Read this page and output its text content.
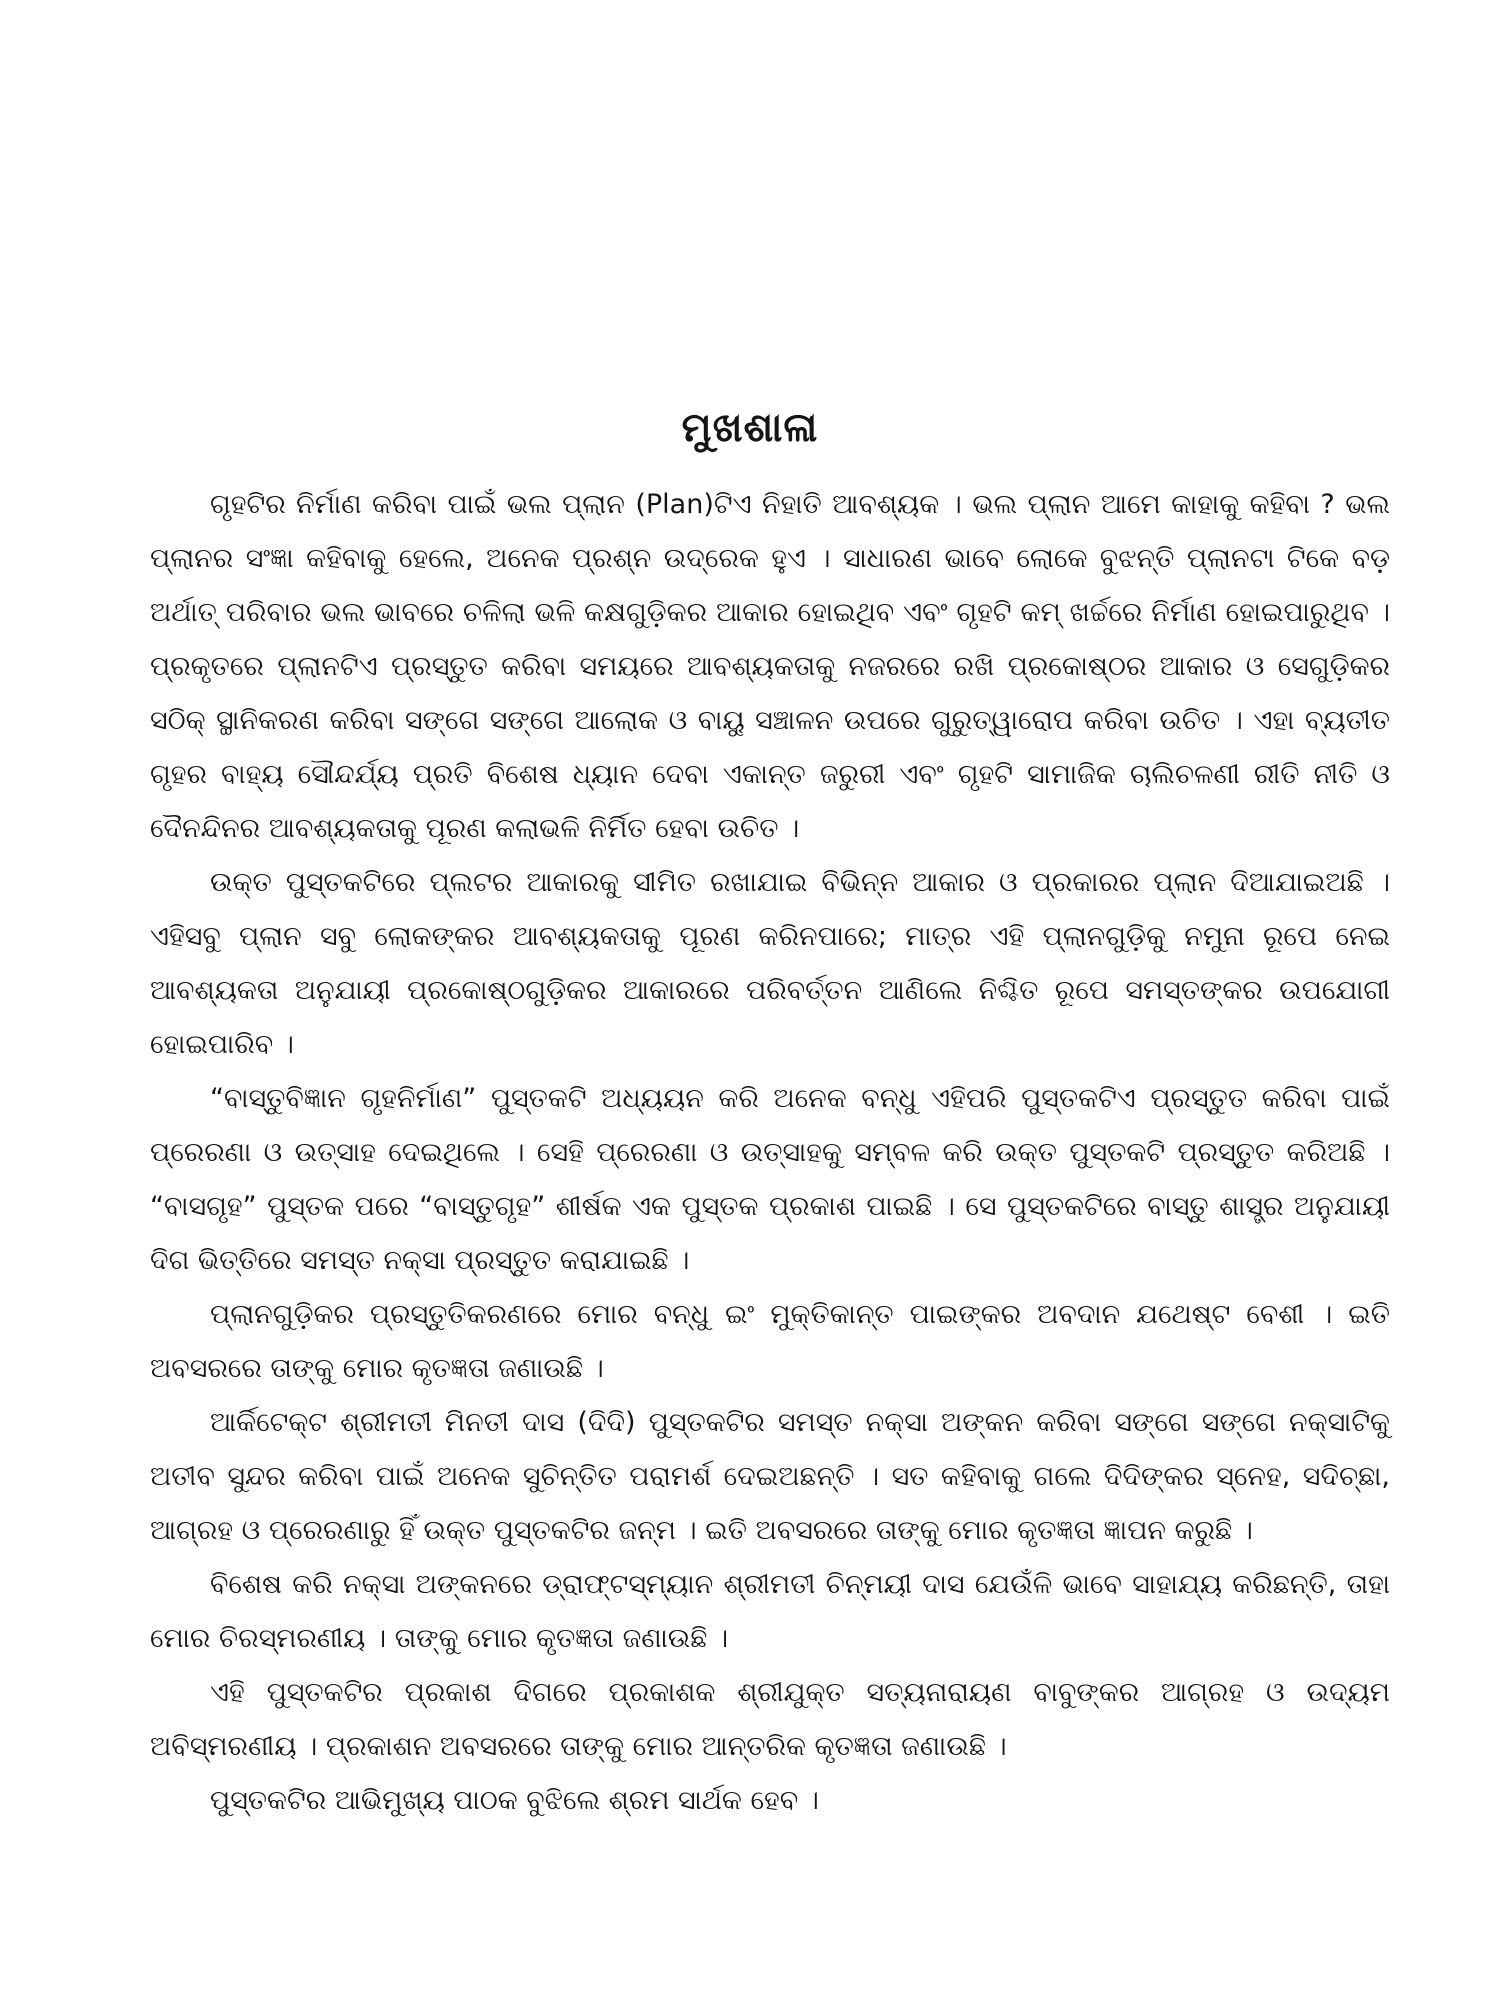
ମୁଖଶାଳା

ଗୃହଟିର ନିର୍ମାଣ କରିବା ପାଇଁ ଭଲ ପ୍ଲାନ (Plan)ଟିଏ ନିହାତି ଆବଶ୍ୟକ । ଭଲ ପ୍ଲାନ ଆମେ କାହାକୁ କହିବା ? ଭଲ ପ୍ଲାନର ସଂଜ୍ଞା କହିବାକୁ ହେଲେ, ଅନେକ ପ୍ରଶ୍ନ ଉଦ୍ରେକ ହୁଏ । ସାଧାରଣ ଭାବେ ଲୋକେ ବୁଝନ୍ତି ପ୍ଲାନଟା ଟିକେ ବଡ଼ ଅର୍ଥାତ୍ ପରିବାର ଭଲ ଭାବରେ ଚଳିଲା ଭଳି କକ୍ଷଗୁଡ଼ିକର ଆକାର ହୋଇଥିବ ଏବଂ ଗୃହଟି କମ୍ ଖର୍ଚ୍ଚରେ ନିର୍ମାଣ ହୋଇପାରୁଥିବ । ପ୍ରକୃତରେ ପ୍ଲାନଟିଏ ପ୍ରସ୍ତୁତ କରିବା ସମୟରେ ଆବଶ୍ୟକତାକୁ ନଜରରେ ରଖି ପ୍ରକୋଷ୍ଠର ଆକାର ଓ ସେଗୁଡ଼ିକର ସଠିକ୍ ସ୍ଥାନିକରଣ କରିବା ସଙ୍ଗେ ସଙ୍ଗେ ଆଲୋକ ଓ ବାୟୁ ସଞ୍ଚାଳନ ଉପରେ ଗୁରୁତ୍ୱାରୋପ କରିବା ଉଚିତ । ଏହା ବ୍ୟତୀତ ଗୃହର ବାହ୍ୟ ସୌନ୍ଦର୍ଯ୍ୟ ପ୍ରତି ବିଶେଷ ଧ୍ୟାନ ଦେବା ଏକାନ୍ତ ଜରୁରୀ ଏବଂ ଗୃହଟି ସାମାଜିକ ଚାଲିଚଳଣୀ ରୀତି ନୀତି ଓ ଦୈନନ୍ଦିନର ଆବଶ୍ୟକତାକୁ ପୂରଣ କଲାଭଳି ନିର୍ମିତ ହେବା ଉଚିତ ।

ଉକ୍ତ ପୁସ୍ତକଟିରେ ପ୍ଲଟର ଆକାରକୁ ସୀମିତ ରଖାଯାଇ ବିଭିନ୍ନ ଆକାର ଓ ପ୍ରକାରର ପ୍ଲାନ ଦିଆଯାଇଅଛି । ଏହିସବୁ ପ୍ଲାନ ସବୁ ଲୋକଙ୍କର ଆବଶ୍ୟକତାକୁ ପୂରଣ କରିନପାରେ; ମାତ୍ର ଏହି ପ୍ଲାନଗୁଡ଼ିକୁ ନମୁନା ରୂପେ ନେଇ ଆବଶ୍ୟକତା ଅନୁଯାୟୀ ପ୍ରକୋଷ୍ଠଗୁଡ଼ିକର ଆକାରରେ ପରିବର୍ତ୍ତନ ଆଣିଲେ ନିଶ୍ଚିତ ରୂପେ ସମସ୍ତଙ୍କର ଉପଯୋଗୀ ହୋଇପାରିବ ।

“ବାସ୍ତୁବିଜ୍ଞାନ ଗୃହନିର୍ମାଣ” ପୁସ୍ତକଟି ଅଧ୍ୟୟନ କରି ଅନେକ ବନ୍ଧୁ ଏହିପରି ପୁସ୍ତକଟିଏ ପ୍ରସ୍ତୁତ କରିବା ପାଇଁ ପ୍ରେରଣା ଓ ଉତ୍ସାହ ଦେଇଥିଲେ । ସେହି ପ୍ରେରଣା ଓ ଉତ୍ସାହକୁ ସମ୍ବଳ କରି ଉକ୍ତ ପୁସ୍ତକଟି ପ୍ରସ୍ତୁତ କରିଅଛି । “ବାସଗୃହ” ପୁସ୍ତକ ପରେ “ବାସ୍ତୁଗୃହ” ଶୀର୍ଷକ ଏକ ପୁସ୍ତକ ପ୍ରକାଶ ପାଇଛି । ସେ ପୁସ୍ତକଟିରେ ବାସ୍ତୁ ଶାସ୍ତ୍ର ଅନୁଯାୟୀ ଦିଗ ଭିତ୍ତିରେ ସମସ୍ତ ନକ୍ସା ପ୍ରସ୍ତୁତ କରାଯାଇଛି ।

ପ୍ଲାନଗୁଡ଼ିକର ପ୍ରସ୍ତୁତିକରଣରେ ମୋର ବନ୍ଧୁ ଇଂ ମୁକ୍ତିକାନ୍ତ ପାଇଙ୍କର ଅବଦାନ ଯଥେଷ୍ଟ ବେଶୀ । ଇତି ଅବସରରେ ତାଙ୍କୁ ମୋର କୃତଜ୍ଞତା ଜଣାଉଛି ।

ଆର୍କିଟେକ୍ଟ ଶ୍ରୀମତୀ ମିନତୀ ଦାସ (ଦିଦି) ପୁସ୍ତକଟିର ସମସ୍ତ ନକ୍ସା ଅଙ୍କନ କରିବା ସଙ୍ଗେ ସଙ୍ଗେ ନକ୍ସାଟିକୁ ଅତୀବ ସୁନ୍ଦର କରିବା ପାଇଁ ଅନେକ ସୁଚିନ୍ତିତ ପରାମର୍ଶ ଦେଇଅଛନ୍ତି । ସତ କହିବାକୁ ଗଲେ ଦିଦିଙ୍କର ସ୍ନେହ, ସଦିଚ୍ଛା, ଆଗ୍ରହ ଓ ପ୍ରେରଣାରୁ ହିଁ ଉକ୍ତ ପୁସ୍ତକଟିର ଜନ୍ମ । ଇତି ଅବସରରେ ତାଙ୍କୁ ମୋର କୃତଜ୍ଞତା ଜ୍ଞାପନ କରୁଛି ।

ବିଶେଷ କରି ନକ୍ସା ଅଙ୍କନରେ ଡ୍ରାଫ୍ଟସ୍ମ୍ୟାନ ଶ୍ରୀମତୀ ଚିନ୍ମୟୀ ଦାସ ଯେଉଁଳି ଭାବେ ସାହାଯ୍ୟ କରିଛନ୍ତି, ତାହା ମୋର ଚିରସ୍ମରଣୀୟ । ତାଙ୍କୁ ମୋର କୃତଜ୍ଞତା ଜଣାଉଛି ।

ଏହି ପୁସ୍ତକଟିର ପ୍ରକାଶ ଦିଗରେ ପ୍ରକାଶକ ଶ୍ରୀଯୁକ୍ତ ସତ୍ୟନାରାୟଣ ବାବୁଙ୍କର ଆଗ୍ରହ ଓ ଉଦ୍ୟମ ଅବିସ୍ମରଣୀୟ । ପ୍ରକାଶନ ଅବସରରେ ତାଙ୍କୁ ମୋର ଆନ୍ତରିକ କୃତଜ୍ଞତା ଜଣାଉଛି ।

ପୁସ୍ତକଟିର ଆଭିମୁଖ୍ୟ ପାଠକ ବୁଝିଲେ ଶ୍ରମ ସାର୍ଥକ ହେବ ।
